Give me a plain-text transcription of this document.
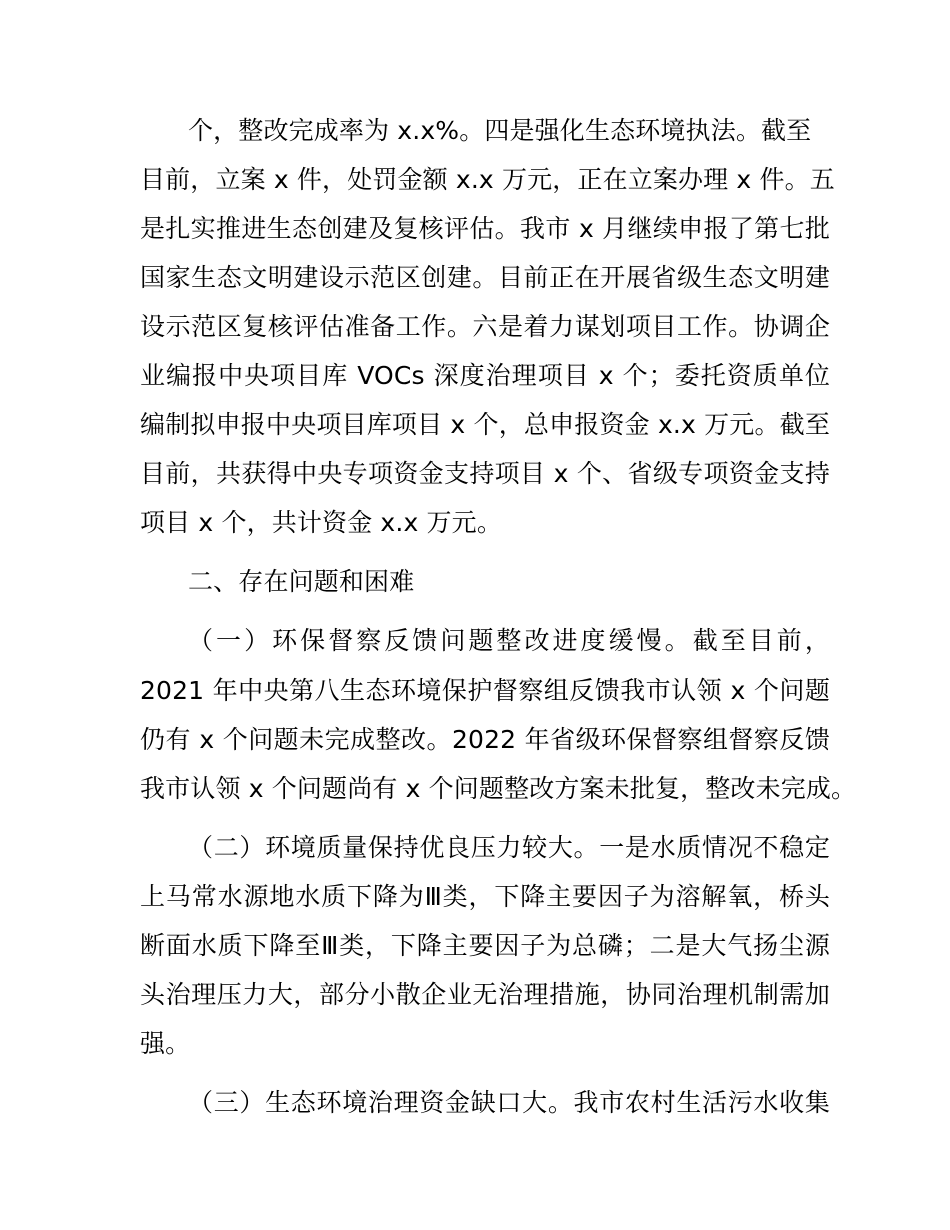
个，整改完成率为 x.x%。四是强化生态环境执法。截至
目前，立案 x 件，处罚金额 x.x 万元，正在立案办理 x 件。五
是扎实推进生态创建及复核评估。我市 x 月继续申报了第七批
国家生态文明建设示范区创建。目前正在开展省级生态文明建
设示范区复核评估准备工作。六是着力谋划项目工作。协调企
业编报中央项目库 VOCs 深度治理项目 x 个；委托资质单位
编制拟申报中央项目库项目 x 个，总申报资金 x.x 万元。截至
目前，共获得中央专项资金支持项目 x 个、省级专项资金支持
项目 x 个，共计资金 x.x 万元。
二、存在问题和困难
（一）环保督察反馈问题整改进度缓慢。截至目前，
2021 年中央第八生态环境保护督察组反馈我市认领 x 个问题
仍有 x 个问题未完成整改。2022 年省级环保督察组督察反馈
我市认领 x 个问题尚有 x 个问题整改方案未批复，整改未完成。
（二）环境质量保持优良压力较大。一是水质情况不稳定
上马常水源地水质下降为Ⅲ类，下降主要因子为溶解氧，桥头
断面水质下降至Ⅲ类，下降主要因子为总磷；二是大气扬尘源
头治理压力大，部分小散企业无治理措施，协同治理机制需加
强。
（三）生态环境治理资金缺口大。我市农村生活污水收集
